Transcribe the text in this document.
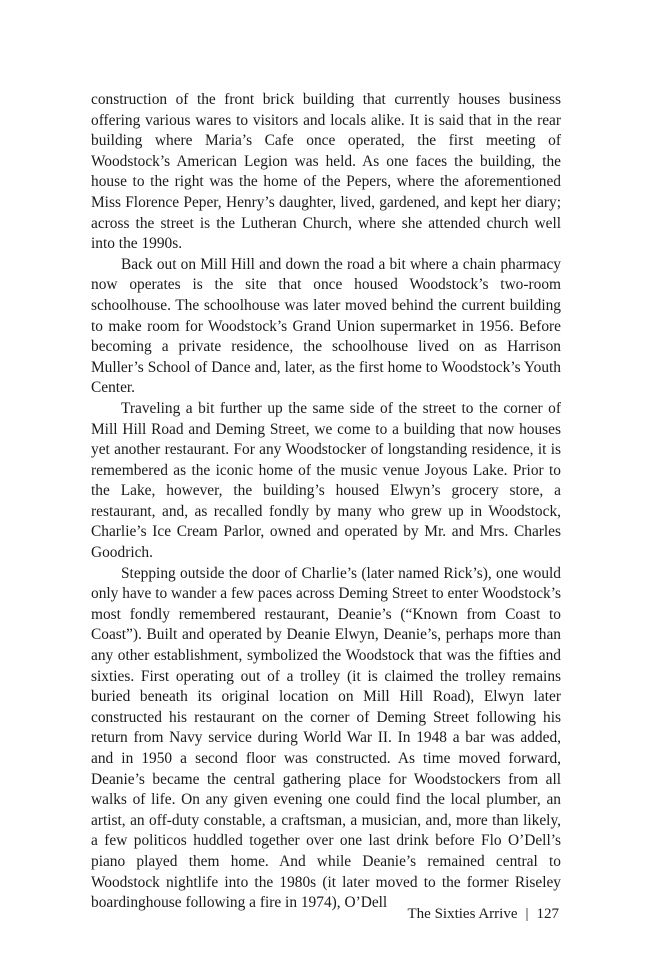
construction of the front brick building that currently houses business offering various wares to visitors and locals alike. It is said that in the rear building where Maria’s Cafe once operated, the first meeting of Woodstock’s American Legion was held. As one faces the building, the house to the right was the home of the Pepers, where the aforementioned Miss Florence Peper, Henry’s daughter, lived, gardened, and kept her diary; across the street is the Lutheran Church, where she attended church well into the 1990s.

Back out on Mill Hill and down the road a bit where a chain pharmacy now operates is the site that once housed Woodstock’s two-room schoolhouse. The schoolhouse was later moved behind the current building to make room for Woodstock’s Grand Union supermarket in 1956. Before becoming a private residence, the schoolhouse lived on as Harrison Muller’s School of Dance and, later, as the first home to Woodstock’s Youth Center.

Traveling a bit further up the same side of the street to the corner of Mill Hill Road and Deming Street, we come to a building that now houses yet another restaurant. For any Woodstocker of longstanding residence, it is remembered as the iconic home of the music venue Joyous Lake. Prior to the Lake, however, the building’s housed Elwyn’s grocery store, a restaurant, and, as recalled fondly by many who grew up in Woodstock, Charlie’s Ice Cream Parlor, owned and operated by Mr. and Mrs. Charles Goodrich.

Stepping outside the door of Charlie’s (later named Rick’s), one would only have to wander a few paces across Deming Street to enter Woodstock’s most fondly remembered restaurant, Deanie’s (“Known from Coast to Coast”). Built and operated by Deanie Elwyn, Deanie’s, perhaps more than any other establishment, symbolized the Woodstock that was the fifties and sixties. First operating out of a trolley (it is claimed the trolley remains buried beneath its original location on Mill Hill Road), Elwyn later constructed his restaurant on the corner of Deming Street following his return from Navy service during World War II. In 1948 a bar was added, and in 1950 a second floor was constructed. As time moved forward, Deanie’s became the central gathering place for Woodstockers from all walks of life. On any given evening one could find the local plumber, an artist, an off-duty constable, a craftsman, a musician, and, more than likely, a few politicos huddled together over one last drink before Flo O’Dell’s piano played them home. And while Deanie’s remained central to Woodstock nightlife into the 1980s (it later moved to the former Riseley boardinghouse following a fire in 1974), O’Dell

The Sixties Arrive | 127
